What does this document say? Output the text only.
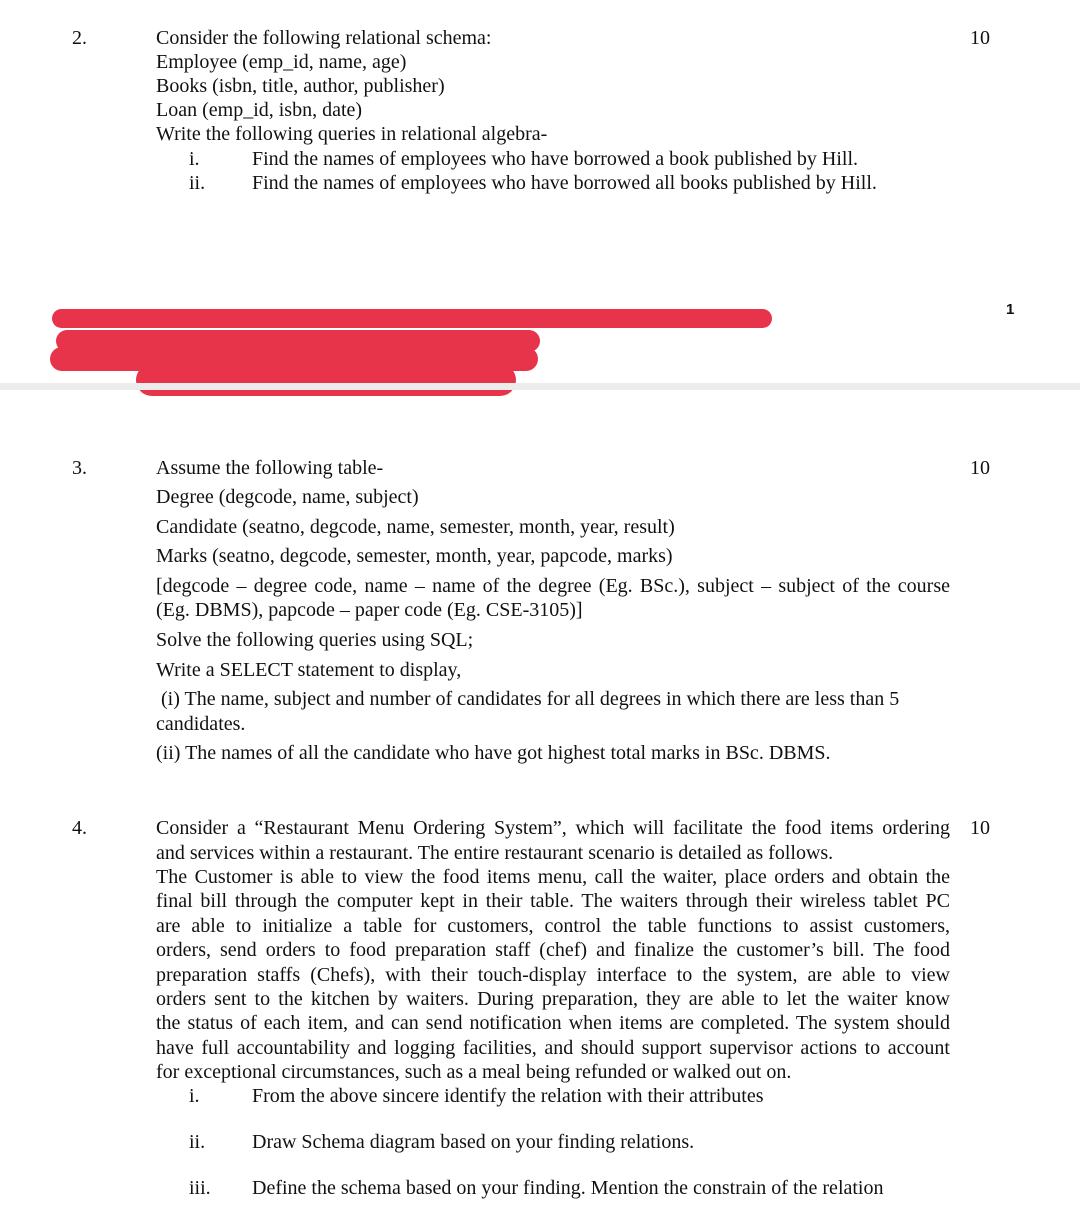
2.	10
Consider the following relational schema:
Employee (emp_id, name, age)
Books (isbn, title, author, publisher)
Loan (emp_id, isbn, date)
Write the following queries in relational algebra-
i.	Find the names of employees who have borrowed a book published by Hill.
ii. Find the names of employees who have borrowed all books published by Hill.
1
3.	10
Assume the following table-
Degree (degcode, name, subject)
Candidate (seatno, degcode, name, semester, month, year, result)
Marks (seatno, degcode, semester, month, year, papcode, marks)
[degcode – degree code, name – name of the degree (Eg. BSc.), subject – subject of the course
(Eg. DBMS), papcode – paper code (Eg. CSE-3105)]
Solve the following queries using SQL;
Write a SELECT statement to display,
(i) The name, subject and number of candidates for all degrees in which there are less than 5
candidates.
(ii) The names of all the candidate who have got highest total marks in BSc. DBMS.
4.	10
Consider a “Restaurant Menu Ordering System”, which will facilitate the food items ordering
and services within a restaurant. The entire restaurant scenario is detailed as follows.
The Customer is able to view the food items menu, call the waiter, place orders and obtain the
final bill through the computer kept in their table. The waiters through their wireless tablet PC
are able to initialize a table for customers, control the table functions to assist customers,
orders, send orders to food preparation staff (chef) and finalize the customer’s bill. The food
preparation staffs (Chefs), with their touch-display interface to the system, are able to view
orders sent to the kitchen by waiters. During preparation, they are able to let the waiter know
the status of each item, and can send notification when items are completed. The system should
have full accountability and logging facilities, and should support supervisor actions to account
for exceptional circumstances, such as a meal being refunded or walked out on.
i.	From the above sincere identify the relation with their attributes
ii. Draw Schema diagram based on your finding relations.
iii. Define the schema based on your finding. Mention the constrain of the relation
